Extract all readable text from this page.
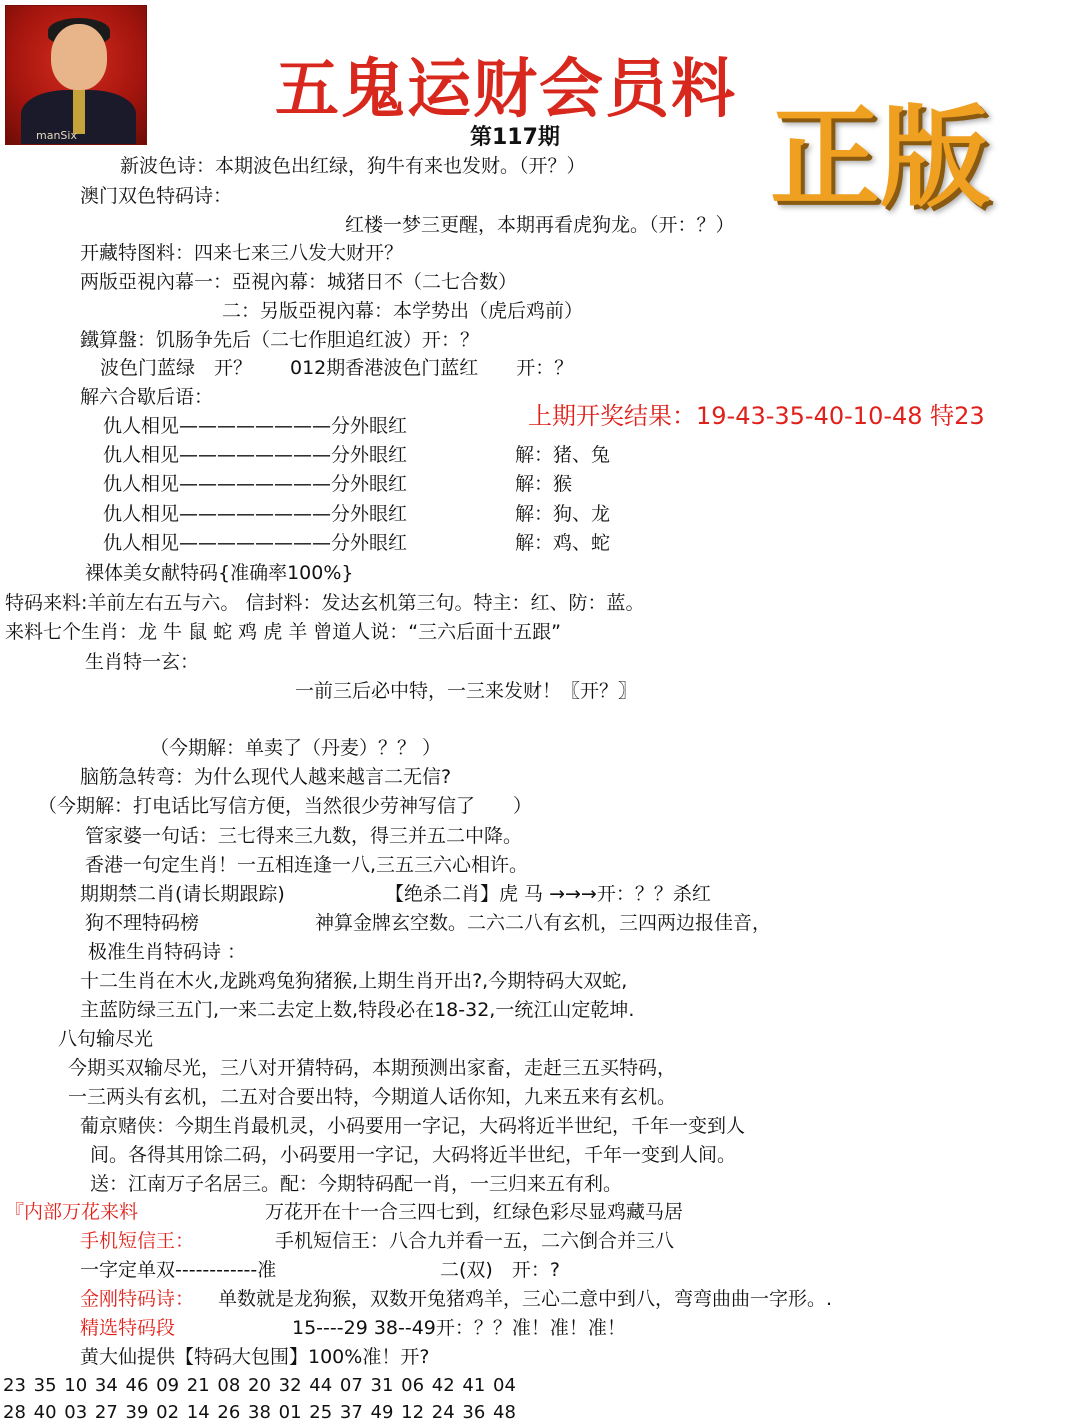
manSix
五鬼运财会员料
正版
第117期
上期开奖结果：19-43-35-40-10-48 特23
新波色诗：本期波色出红绿，狗牛有来也发财。（开？）
澳门双色特码诗：
红楼一梦三更醒，本期再看虎狗龙。（开：？）
开藏特图料：四来七来三八发大财开？
两版亞視內幕一：亞視內幕：城猪日不（二七合数）
二：另版亞視內幕：本学势出（虎后鸡前）
鐵算盤：饥肠争先后（二七作胆追红波）开：？
波色门蓝绿　开？　　012期香港波色门蓝红　　开：？
解六合歇后语：
仇人相见————————分外眼红
仇人相见————————分外眼红	解：猪、兔
仇人相见————————分外眼红	解：猴
仇人相见————————分外眼红	解：狗、龙
仇人相见————————分外眼红	解：鸡、蛇
裸体美女献特码{准确率100%}
特码来料:羊前左右五与六。 信封料：发达玄机第三句。特主：红、防：蓝。
来料七个生肖：龙 牛 鼠 蛇 鸡 虎 羊 曾道人说：“三六后面十五跟”
生肖特一玄：
一前三后必中特，一三来发财！〖开？〗
（今期解：单卖了（丹麦）？？ ）
脑筋急转弯：为什么现代人越来越言二无信?
（今期解：打电话比写信方便，当然很少劳神写信了　　）
管家婆一句话：三七得来三九数，得三并五二中降。
香港一句定生肖！一五相连逢一八,三五三六心相许。
期期禁二肖(请长期跟踪)	【绝杀二肖】虎 马 →→→开：？？杀红
狗不理特码榜	神算金牌玄空数。二六二八有玄机，三四两边报佳音，
极准生肖特码诗 ：
十二生肖在木火,龙跳鸡兔狗猪猴,上期生肖开出?,今期特码大双蛇,
主蓝防绿三五门,一来二去定上数,特段必在18-32,一统江山定乾坤.
八句输尽光
今期买双输尽光，三八对开猜特码，本期预测出家畜，走赶三五买特码，
一三两头有玄机，二五对合要出特，今期道人话你知，九来五来有玄机。
葡京赌侠：今期生肖最机灵，小码要用一字记，大码将近半世纪，千年一变到人
间。各得其用馀二码，小码要用一字记，大码将近半世纪，千年一变到人间。
送：江南万子名居三。配：今期特码配一肖，一三归来五有利。
『内部万花来料	万花开在十一合三四七到，红绿色彩尽显鸡藏马居
手机短信王：	手机短信王：八合九并看一五，二六倒合并三八
一字定单双------------准	二(双)　开：?
金刚特码诗： 单数就是龙狗猴，双数开兔猪鸡羊，三心二意中到八，弯弯曲曲一字形。.
精选特码段	15----29 38--49开：？？准！准！准！
黄大仙提供【特码大包围】100%准！开?
23 35 10 34 46 09 21 08 20 32 44 07 31 06 42 41 04
28 40 03 27 39 02 14 26 38 01 25 37 49 12 24 36 48
